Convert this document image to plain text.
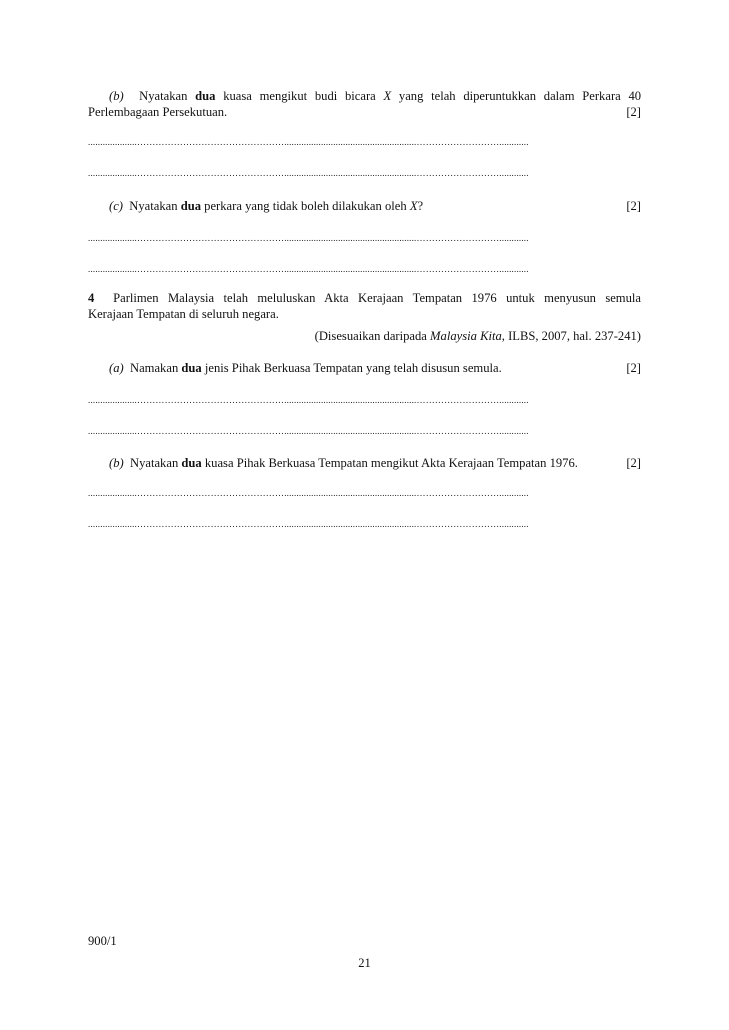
(b) Nyatakan dua kuasa mengikut budi bicara X yang telah diperuntukkan dalam Perkara 40
Perlembagaan Persekutuan.	[2]
....................…………………………………………......................................................………………………............
....................…………………………………………......................................................………………………............
(c) Nyatakan dua perkara yang tidak boleh dilakukan oleh X?	[2]
....................…………………………………………......................................................………………………............
....................…………………………………………......................................................………………………............
4 Parlimen Malaysia telah meluluskan Akta Kerajaan Tempatan 1976 untuk menyusun semula
Kerajaan Tempatan di seluruh negara.
(Disesuaikan daripada Malaysia Kita, ILBS, 2007, hal. 237-241)
(a) Namakan dua jenis Pihak Berkuasa Tempatan yang telah disusun semula.	[2]
....................…………………………………………......................................................………………………............
....................…………………………………………......................................................………………………............
(b) Nyatakan dua kuasa Pihak Berkuasa Tempatan mengikut Akta Kerajaan Tempatan 1976.	[2]
....................…………………………………………......................................................………………………............
....................…………………………………………......................................................………………………............
900/1
21
